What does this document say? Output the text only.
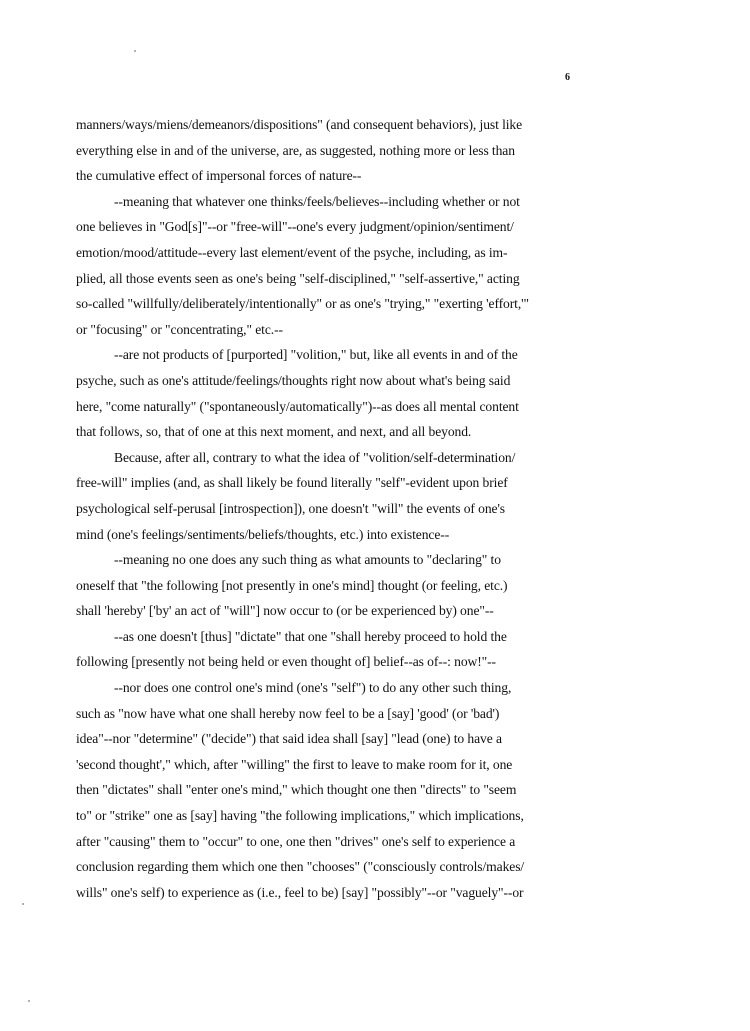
6
manners/ways/miens/demeanors/dispositions" (and consequent behaviors), just like
everything else in and of the universe, are, as suggested, nothing more or less than
the cumulative effect of impersonal forces of nature--
--meaning that whatever one thinks/feels/believes--including whether or not
one believes in "God[s]"--or "free-will"--one's every judgment/opinion/sentiment/
emotion/mood/attitude--every last element/event of the psyche, including, as im-
plied, all those events seen as one's being "self-disciplined," "self-assertive," acting
so-called "willfully/deliberately/intentionally" or as one's "trying," "exerting 'effort,'"
or "focusing" or "concentrating," etc.--
--are not products of [purported] "volition," but, like all events in and of the
psyche, such as one's attitude/feelings/thoughts right now about what's being said
here, "come naturally" ("spontaneously/automatically")--as does all mental content
that follows, so, that of one at this next moment, and next, and all beyond.
Because, after all, contrary to what the idea of "volition/self-determination/
free-will" implies (and, as shall likely be found literally "self"-evident upon brief
psychological self-perusal [introspection]), one doesn't "will" the events of one's
mind (one's feelings/sentiments/beliefs/thoughts, etc.) into existence--
--meaning no one does any such thing as what amounts to "declaring" to
oneself that "the following [not presently in one's mind] thought (or feeling, etc.)
shall 'hereby' ['by' an act of "will"] now occur to (or be experienced by) one"--
--as one doesn't [thus] "dictate" that one "shall hereby proceed to hold the
following [presently not being held or even thought of] belief--as of--: now!"--
--nor does one control one's mind (one's "self") to do any other such thing,
such as "now have what one shall hereby now feel to be a [say] 'good' (or 'bad')
idea"--nor "determine" ("decide") that said idea shall [say] "lead (one) to have a
'second thought'," which, after "willing" the first to leave to make room for it, one
then "dictates" shall "enter one's mind," which thought one then "directs" to "seem
to" or "strike" one as [say] having "the following implications," which implications,
after "causing" them to "occur" to one, one then "drives" one's self to experience a
conclusion regarding them which one then "chooses" ("consciously controls/makes/
wills" one's self) to experience as (i.e., feel to be) [say] "possibly"--or "vaguely"--or
